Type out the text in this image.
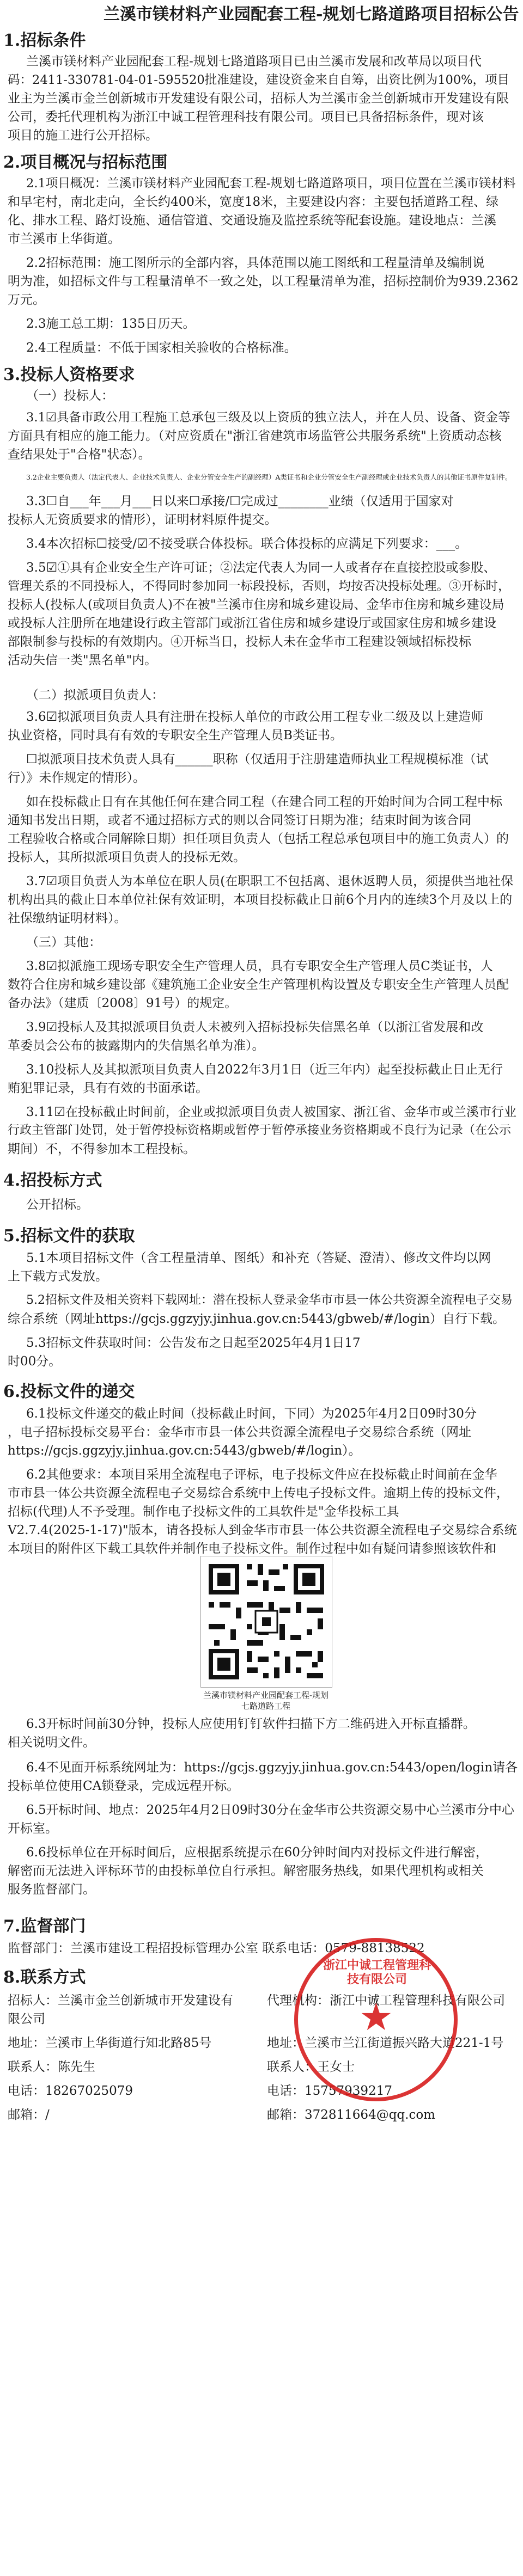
兰溪市镁材料产业园配套工程-规划七路道路项目招标公告
1.招标条件
兰溪市镁材料产业园配套工程-规划七路道路项目已由兰溪市发展和改革局以项目代
码：2411-330781-04-01-595520批准建设，建设资金来自自筹，出资比例为100%，项目
业主为兰溪市金兰创新城市开发建设有限公司，招标人为兰溪市金兰创新城市开发建设有限
公司，委托代理机构为浙江中诚工程管理科技有限公司。项目已具备招标条件，现对该
项目的施工进行公开招标。
2.项目概况与招标范围
2.1项目概况：兰溪市镁材料产业园配套工程-规划七路道路项目，项目位置在兰溪市镁材料
和早宅村，南北走向，全长约400米，宽度18米，主要建设内容：主要包括道路工程、绿
化、排水工程、路灯设施、通信管道、交通设施及监控系统等配套设施。建设地点：兰溪
市兰溪市上华街道。
2.2招标范围：施工图所示的全部内容，具体范围以施工图纸和工程量清单及编制说
明为准，如招标文件与工程量清单不一致之处，以工程量清单为准，招标控制价为939.2362
万元。
2.3施工总工期：135日历天。
2.4工程质量：不低于国家相关验收的合格标准。
3.投标人资格要求
（一）投标人：
3.1☑具备市政公用工程施工总承包三级及以上资质的独立法人，并在人员、设备、资金等
方面具有相应的施工能力。（对应资质在"浙江省建筑市场监管公共服务系统"上资质动态核
查结果处于"合格"状态）。
3.2企业主要负责人（法定代表人、企业技术负责人、企业分管安全生产的副经理）A类证书和企业分管安全生产副经理或企业技术负责人的其他证书原件复制件。
3.3☐自___年___月___日以来☐承接/☐完成过________业绩（仅适用于国家对
投标人无资质要求的情形），证明材料原件提交。
3.4本次招标☐接受/☑不接受联合体投标。联合体投标的应满足下列要求：___。
3.5☑①具有企业安全生产许可证；②法定代表人为同一人或者存在直接控股或参股、
管理关系的不同投标人，不得同时参加同一标段投标，否则，均按否决投标处理。③开标时，
投标人(投标人(或项目负责人)不在被"兰溪市住房和城乡建设局、金华市住房和城乡建设局
或投标人注册所在地建设行政主管部门或浙江省住房和城乡建设厅或国家住房和城乡建设
部限制参与投标的有效期内。④开标当日，投标人未在金华市工程建设领域招标投标
活动失信一类"黑名单"内。
（二）拟派项目负责人：
3.6☑拟派项目负责人具有注册在投标人单位的市政公用工程专业二级及以上建造师
执业资格，同时具有有效的专职安全生产管理人员B类证书。
☐拟派项目技术负责人具有______职称（仅适用于注册建造师执业工程规模标准（试
行）》未作规定的情形）。
如在投标截止日有在其他任何在建合同工程（在建合同工程的开始时间为合同工程中标
通知书发出日期，或者不通过招标方式的则以合同签订日期为准；结束时间为该合同
工程验收合格或合同解除日期）担任项目负责人（包括工程总承包项目中的施工负责人）的
投标人，其所拟派项目负责人的投标无效。
3.7☑项目负责人为本单位在职人员(在职职工不包括离、退休返聘人员，须提供当地社保
机构出具的截止日本单位社保有效证明，本项目投标截止日前6个月内的连续3个月及以上的
社保缴纳证明材料）。
（三）其他：
3.8☑拟派施工现场专职安全生产管理人员，具有专职安全生产管理人员C类证书，人
数符合住房和城乡建设部《建筑施工企业安全生产管理机构设置及专职安全生产管理人员配
备办法》（建质〔2008〕91号）的规定。
3.9☑投标人及其拟派项目负责人未被列入招标投标失信黑名单（以浙江省发展和改
革委员会公布的披露期内的失信黑名单为准）。
3.10投标人及其拟派项目负责人自2022年3月1日（近三年内）起至投标截止日止无行
贿犯罪记录，具有有效的书面承诺。
3.11☑在投标截止时间前，企业或拟派项目负责人被国家、浙江省、金华市或兰溪市行业
行政主管部门处罚，处于暂停投标资格期或暂停于暂停承接业务资格期或不良行为记录（在公示
期间）不，不得参加本工程投标。
4.招投标方式
公开招标。
5.招标文件的获取
5.1本项目招标文件（含工程量清单、图纸）和补充（答疑、澄清）、修改文件均以网
上下载方式发放。
5.2招标文件及相关资料下载网址：潜在投标人登录金华市市县一体公共资源全流程电子交易
综合系统（网址https://gcjs.ggzyjy.jinhua.gov.cn:5443/gbweb/#/login）自行下载。
5.3招标文件获取时间：公告发布之日起至2025年4月1日17
时00分。
6.投标文件的递交
6.1投标文件递交的截止时间（投标截止时间，下同）为2025年4月2日09时30分
，电子招标投标交易平台：金华市市县一体公共资源全流程电子交易综合系统（网址
https://gcjs.ggzyjy.jinhua.gov.cn:5443/gbweb/#/login）。
6.2其他要求：本项目采用全流程电子评标，电子投标文件应在投标截止时间前在金华
市市县一体公共资源全流程电子交易综合系统中上传电子投标文件。逾期上传的投标文件，
招标(代理)人不予受理。制作电子投标文件的工具软件是"金华投标工具
V2.7.4(2025-1-17)"版本，请各投标人到金华市市县一体公共资源全流程电子交易综合系统
兰溪市镁材料产业园配套工程-规划
七路道路工程
6.3开标时间前30分钟，投标人应使用钉钉软件扫描下方二维码进入开标直播群。
6.4不见面开标系统网址为：https://gcjs.ggzyjy.jinhua.gov.cn:5443/open/login请各
投标单位使用CA锁登录，完成远程开标。
6.5开标时间、地点：2025年4月2日09时30分在金华市公共资源交易中心兰溪市分中心
开标室。
6.6投标单位在开标时间后，应根据系统提示在60分钟时间内对投标文件进行解密，
解密而无法进入评标环节的由投标单位自行承担。解密服务热线，如果代理机构或相关
服务监督部门。
本项目的附件区下载工具软件并制作电子投标文件。制作过程中如有疑问请参照该软件和
相关说明文件。
7.监督部门
监督部门：兰溪市建设工程招投标管理办公室 联系电话：0579-88138522
8.联系方式
招标人：兰溪市金兰创新城市开发建设有
限公司
地址：兰溪市上华街道行知北路85号
联系人：陈先生
电话：18267025079
邮箱：/
代理机构：浙江中诚工程管理科技有限公司
地址：兰溪市兰江街道振兴路大道221-1号
联系人：王女士
电话：15757939217
邮箱：372811664@qq.com
浙江中诚工程管理科技有限公司
★
